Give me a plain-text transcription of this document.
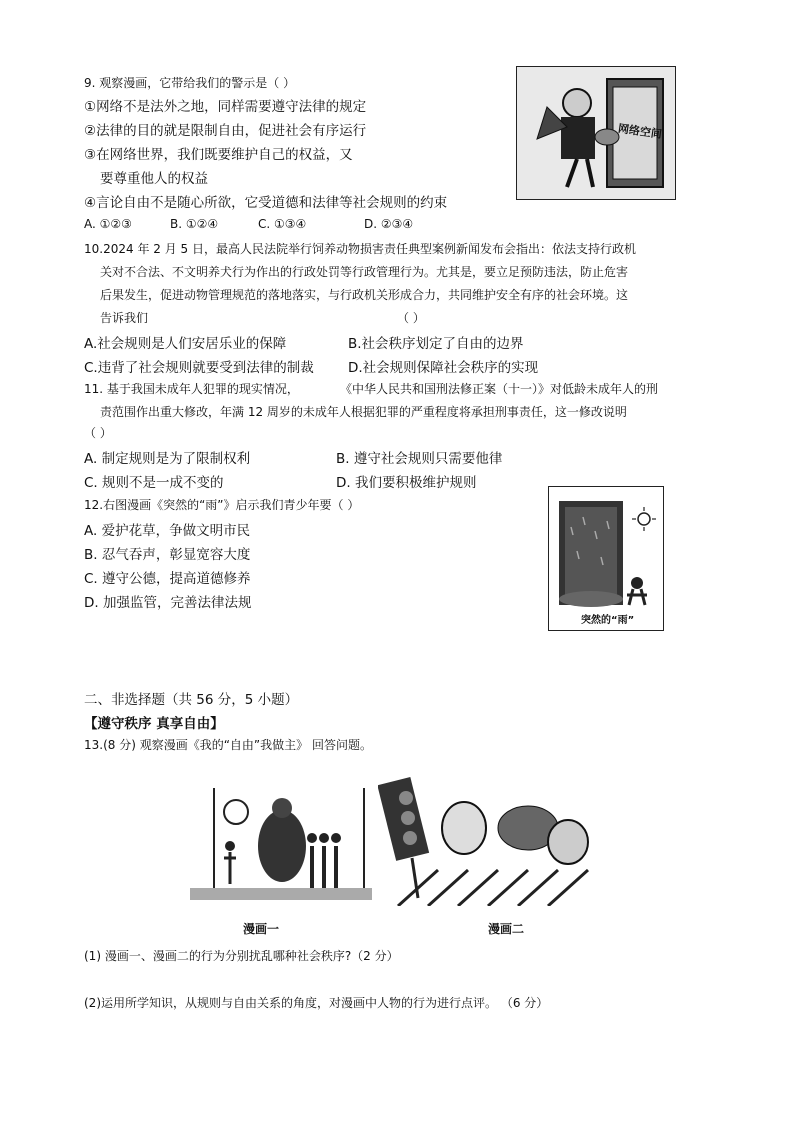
9. 观察漫画，它带给我们的警示是（ ）
①网络不是法外之地，同样需要遵守法律的规定
②法律的目的就是限制自由，促进社会有序运行
③在网络世界，我们既要维护自己的权益，又
要尊重他人的权益
④言论自由不是随心所欲，它受道德和法律等社会规则的约束
A. ①②③	B. ①②④	C. ①③④	D. ②③④
网络空间
10.2024 年 2 月 5 日，最高人民法院举行饲养动物损害责任典型案例新闻发布会指出：依法支持行政机
关对不合法、不文明养犬行为作出的行政处罚等行政管理行为。尤其是，要立足预防违法，防止危害
后果发生，促进动物管理规范的落地落实，与行政机关形成合力，共同维护安全有序的社会环境。这
告诉我们	（ ）
A.社会规则是人们安居乐业的保障	B.社会秩序划定了自由的边界
C.违背了社会规则就要受到法律的制裁	D.社会规则保障社会秩序的实现
11. 基于我国未成年人犯罪的现实情况，	《中华人民共和国刑法修正案（十一）》对低龄未成年人的刑
责范围作出重大修改，年满 12 周岁的未成年人根据犯罪的严重程度将承担刑事责任，这一修改说明
（ ）
A. 制定规则是为了限制权利	B. 遵守社会规则只需要他律
C. 规则不是一成不变的	D. 我们要积极维护规则
12.右图漫画《突然的“雨”》启示我们青少年要（ ）
A. 爱护花草，争做文明市民
B. 忍气吞声，彰显宽容大度
C. 遵守公德，提高道德修养
D. 加强监管，完善法律法规
突然的“雨”
二、非选择题（共 56 分，5 小题）
【遵守秩序 真享自由】
13.(8 分) 观察漫画《我的“自由”我做主》 回答问题。
漫画一	漫画二
(1) 漫画一、漫画二的行为分别扰乱哪种社会秩序?（2 分）
(2)运用所学知识，从规则与自由关系的角度，对漫画中人物的行为进行点评。 （6 分）
